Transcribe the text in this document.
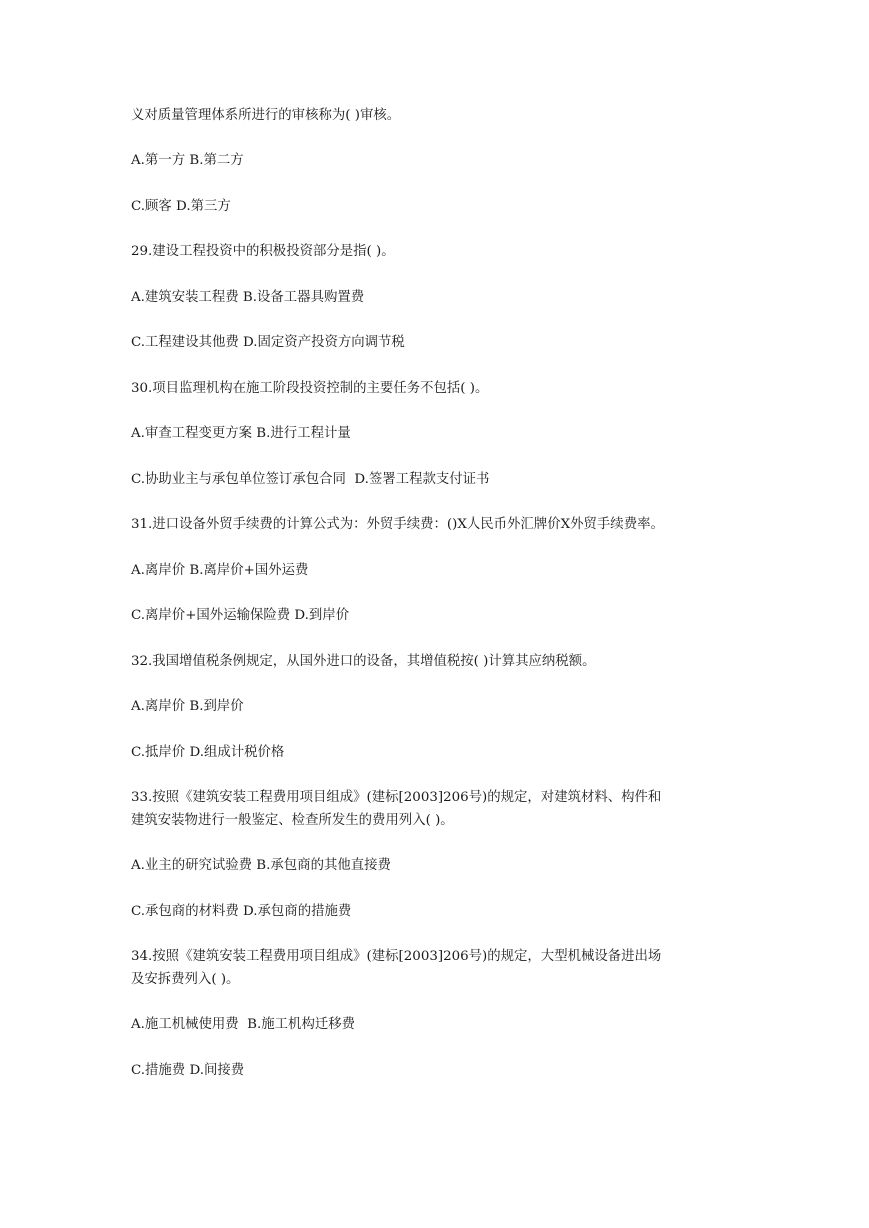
义对质量管理体系所进行的审核称为( )审核。

A.第一方 B.第二方

C.顾客 D.第三方

29.建设工程投资中的积极投资部分是指( )。

A.建筑安装工程费 B.设备工器具购置费

C.工程建设其他费 D.固定资产投资方向调节税

30.项目监理机构在施工阶段投资控制的主要任务不包括( )。

A.审查工程变更方案 B.进行工程计量

C.协助业主与承包单位签订承包合同  D.签署工程款支付证书

31.进口设备外贸手续费的计算公式为：外贸手续费：()X人民币外汇牌价X外贸手续费率。

A.离岸价 B.离岸价+国外运费

C.离岸价+国外运输保险费 D.到岸价

32.我国增值税条例规定，从国外进口的设备，其增值税按( )计算其应纳税额。

A.离岸价 B.到岸价

C.抵岸价 D.组成计税价格

33.按照《建筑安装工程费用项目组成》(建标[2003]206号)的规定，对建筑材料、构件和

建筑安装物进行一般鉴定、检查所发生的费用列入( )。

A.业主的研究试验费 B.承包商的其他直接费

C.承包商的材料费 D.承包商的措施费

34.按照《建筑安装工程费用项目组成》(建标[2003]206号)的规定，大型机械设备进出场

及安拆费列入( )。

A.施工机械使用费  B.施工机构迁移费

C.措施费 D.间接费
